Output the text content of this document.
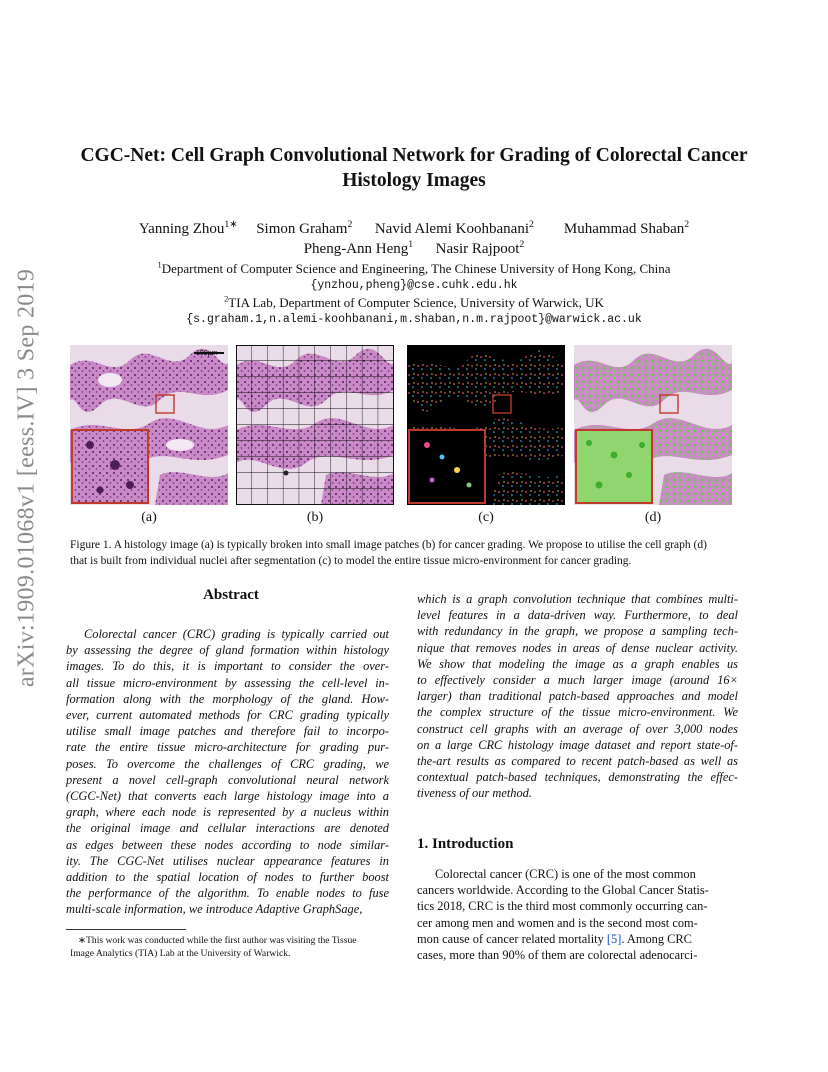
arXiv:1909.01068v1 [eess.IV] 3 Sep 2019
CGC-Net: Cell Graph Convolutional Network for Grading of Colorectal Cancer
Histology Images
Yanning Zhou$^{1∗}$ Simon Graham$^2$ Navid Alemi Koohbanani$^2$ Muhammad Shaban$^2$
Pheng-Ann Heng$^1$ Nasir Rajpoot$^2$
$^1$Department of Computer Science and Engineering, The Chinese University of Hong Kong, China
{ynzhou,pheng}@cse.cuhk.edu.hk
$^2$TIA Lab, Department of Computer Science, University of Warwick, UK
{s.graham.1,n.alemi-koohbanani,m.shaban,n.m.rajpoot}@warwick.ac.uk
100μm
(a)	(b)	(c)	(d)
Figure 1. A histology image (a) is typically broken into small image patches (b) for cancer grading. We propose to utilise the cell graph (d)
that is built from individual nuclei after segmentation (c) to model the entire tissue micro-environment for cancer grading.
Abstract
Colorectal cancer (CRC) grading is typically carried out
by assessing the degree of gland formation within histology
images. To do this, it is important to consider the over-
all tissue micro-environment by assessing the cell-level in-
formation along with the morphology of the gland. How-
ever, current automated methods for CRC grading typically
utilise small image patches and therefore fail to incorpo-
rate the entire tissue micro-architecture for grading pur-
poses. To overcome the challenges of CRC grading, we
present a novel cell-graph convolutional neural network
(CGC-Net) that converts each large histology image into a
graph, where each node is represented by a nucleus within
the original image and cellular interactions are denoted
as edges between these nodes according to node similar-
ity. The CGC-Net utilises nuclear appearance features in
addition to the spatial location of nodes to further boost
the performance of the algorithm. To enable nodes to fuse
multi-scale information, we introduce Adaptive GraphSage,
which is a graph convolution technique that combines multi-
level features in a data-driven way. Furthermore, to deal
with redundancy in the graph, we propose a sampling tech-
nique that removes nodes in areas of dense nuclear activity.
We show that modeling the image as a graph enables us
to effectively consider a much larger image (around 16×
larger) than traditional patch-based approaches and model
the complex structure of the tissue micro-environment. We
construct cell graphs with an average of over 3,000 nodes
on a large CRC histology image dataset and report state-of-
the-art results as compared to recent patch-based as well as
contextual patch-based techniques, demonstrating the effec-
tiveness of our method.
1. Introduction
Colorectal cancer (CRC) is one of the most common
cancers worldwide. According to the Global Cancer Statis-
tics 2018, CRC is the third most commonly occurring can-
cer among men and women and is the second most com-
mon cause of cancer related mortality [5]. Among CRC
cases, more than 90% of them are colorectal adenocarci-
∗This work was conducted while the first author was visiting the Tissue
Image Analytics (TIA) Lab at the University of Warwick.
